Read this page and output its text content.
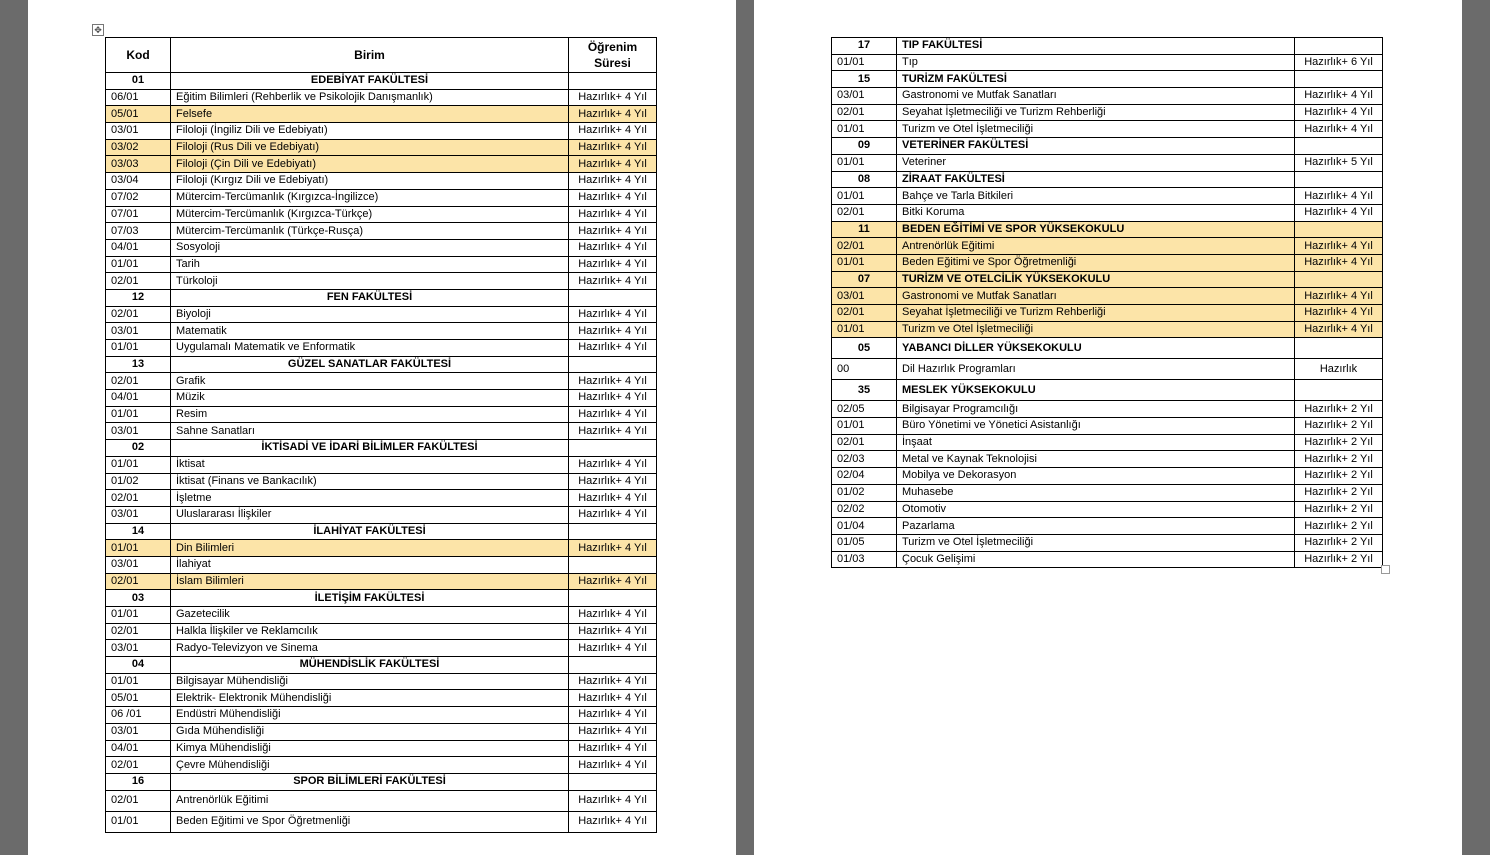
✥
Kod	Birim	Öğrenim
Süresi

01	EDEBİYAT FAKÜLTESİ	
06/01	Eğitim Bilimleri (Rehberlik ve Psikolojik Danışmanlık)	Hazırlık+ 4 Yıl
05/01	Felsefe	Hazırlık+ 4 Yıl
03/01	Filoloji (İngiliz Dili ve Edebiyatı)	Hazırlık+ 4 Yıl
03/02	Filoloji (Rus Dili ve Edebiyatı)	Hazırlık+ 4 Yıl
03/03	Filoloji (Çin Dili ve Edebiyatı)	Hazırlık+ 4 Yıl
03/04	Filoloji (Kırgız Dili ve Edebiyatı)	Hazırlık+ 4 Yıl
07/02	Mütercim-Tercümanlık (Kırgızca-İngilizce)	Hazırlık+ 4 Yıl
07/01	Mütercim-Tercümanlık (Kırgızca-Türkçe)	Hazırlık+ 4 Yıl
07/03	Mütercim-Tercümanlık (Türkçe-Rusça)	Hazırlık+ 4 Yıl
04/01	Sosyoloji	Hazırlık+ 4 Yıl
01/01	Tarih	Hazırlık+ 4 Yıl
02/01	Türkoloji	Hazırlık+ 4 Yıl
12	FEN FAKÜLTESİ	
02/01	Biyoloji	Hazırlık+ 4 Yıl
03/01	Matematik	Hazırlık+ 4 Yıl
01/01	Uygulamalı Matematik ve Enformatik	Hazırlık+ 4 Yıl
13	GÜZEL SANATLAR FAKÜLTESİ	
02/01	Grafik	Hazırlık+ 4 Yıl
04/01	Müzik	Hazırlık+ 4 Yıl
01/01	Resim	Hazırlık+ 4 Yıl
03/01	Sahne Sanatları	Hazırlık+ 4 Yıl
02	İKTİSADİ VE İDARİ BİLİMLER FAKÜLTESİ	
01/01	İktisat	Hazırlık+ 4 Yıl
01/02	İktisat (Finans ve Bankacılık)	Hazırlık+ 4 Yıl
02/01	İşletme	Hazırlık+ 4 Yıl
03/01	Uluslararası İlişkiler	Hazırlık+ 4 Yıl
14	İLAHİYAT FAKÜLTESİ	
01/01	Din Bilimleri	Hazırlık+ 4 Yıl
03/01	İlahiyat	
02/01	İslam Bilimleri	Hazırlık+ 4 Yıl
03	İLETİŞİM FAKÜLTESİ	
01/01	Gazetecilik	Hazırlık+ 4 Yıl
02/01	Halkla İlişkiler ve Reklamcılık	Hazırlık+ 4 Yıl
03/01	Radyo-Televizyon ve Sinema	Hazırlık+ 4 Yıl
04	MÜHENDİSLİK FAKÜLTESİ	
01/01	Bilgisayar Mühendisliği	Hazırlık+ 4 Yıl
05/01	Elektrik- Elektronik Mühendisliği	Hazırlık+ 4 Yıl
06 /01	Endüstri Mühendisliği	Hazırlık+ 4 Yıl
03/01	Gıda Mühendisliği	Hazırlık+ 4 Yıl
04/01	Kimya Mühendisliği	Hazırlık+ 4 Yıl
02/01	Çevre Mühendisliği	Hazırlık+ 4 Yıl
16	SPOR BİLİMLERİ FAKÜLTESİ	
02/01	Antrenörlük Eğitimi	Hazırlık+ 4 Yıl
01/01	Beden Eğitimi ve Spor Öğretmenliği	Hazırlık+ 4 Yıl
17	TIP FAKÜLTESİ	
01/01	Tıp	Hazırlık+ 6 Yıl
15	TURİZM FAKÜLTESİ	
03/01	Gastronomi ve Mutfak Sanatları	Hazırlık+ 4 Yıl
02/01	Seyahat İşletmeciliği ve Turizm Rehberliği	Hazırlık+ 4 Yıl
01/01	Turizm ve Otel İşletmeciliği	Hazırlık+ 4 Yıl
09	VETERİNER FAKÜLTESİ	
01/01	Veteriner	Hazırlık+ 5 Yıl
08	ZİRAAT FAKÜLTESİ	
01/01	Bahçe ve Tarla Bitkileri	Hazırlık+ 4 Yıl
02/01	Bitki Koruma	Hazırlık+ 4 Yıl
11	BEDEN EĞİTİMİ VE SPOR YÜKSEKOKULU	
02/01	Antrenörlük Eğitimi	Hazırlık+ 4 Yıl
01/01	Beden Eğitimi ve Spor Öğretmenliği	Hazırlık+ 4 Yıl
07	TURİZM VE OTELCİLİK YÜKSEKOKULU	
03/01	Gastronomi ve Mutfak Sanatları	Hazırlık+ 4 Yıl
02/01	Seyahat İşletmeciliği ve Turizm Rehberliği	Hazırlık+ 4 Yıl
01/01	Turizm ve Otel İşletmeciliği	Hazırlık+ 4 Yıl
05	YABANCI DİLLER YÜKSEKOKULU	
00	Dil Hazırlık Programları	Hazırlık
35	MESLEK YÜKSEKOKULU	
02/05	Bilgisayar Programcılığı	Hazırlık+ 2 Yıl
01/01	Büro Yönetimi ve Yönetici Asistanlığı	Hazırlık+ 2 Yıl
02/01	İnşaat	Hazırlık+ 2 Yıl
02/03	Metal ve Kaynak Teknolojisi	Hazırlık+ 2 Yıl
02/04	Mobilya ve Dekorasyon	Hazırlık+ 2 Yıl
01/02	Muhasebe	Hazırlık+ 2 Yıl
02/02	Otomotiv	Hazırlık+ 2 Yıl
01/04	Pazarlama	Hazırlık+ 2 Yıl
01/05	Turizm ve Otel İşletmeciliği	Hazırlık+ 2 Yıl
01/03	Çocuk Gelişimi	Hazırlık+ 2 Yıl
